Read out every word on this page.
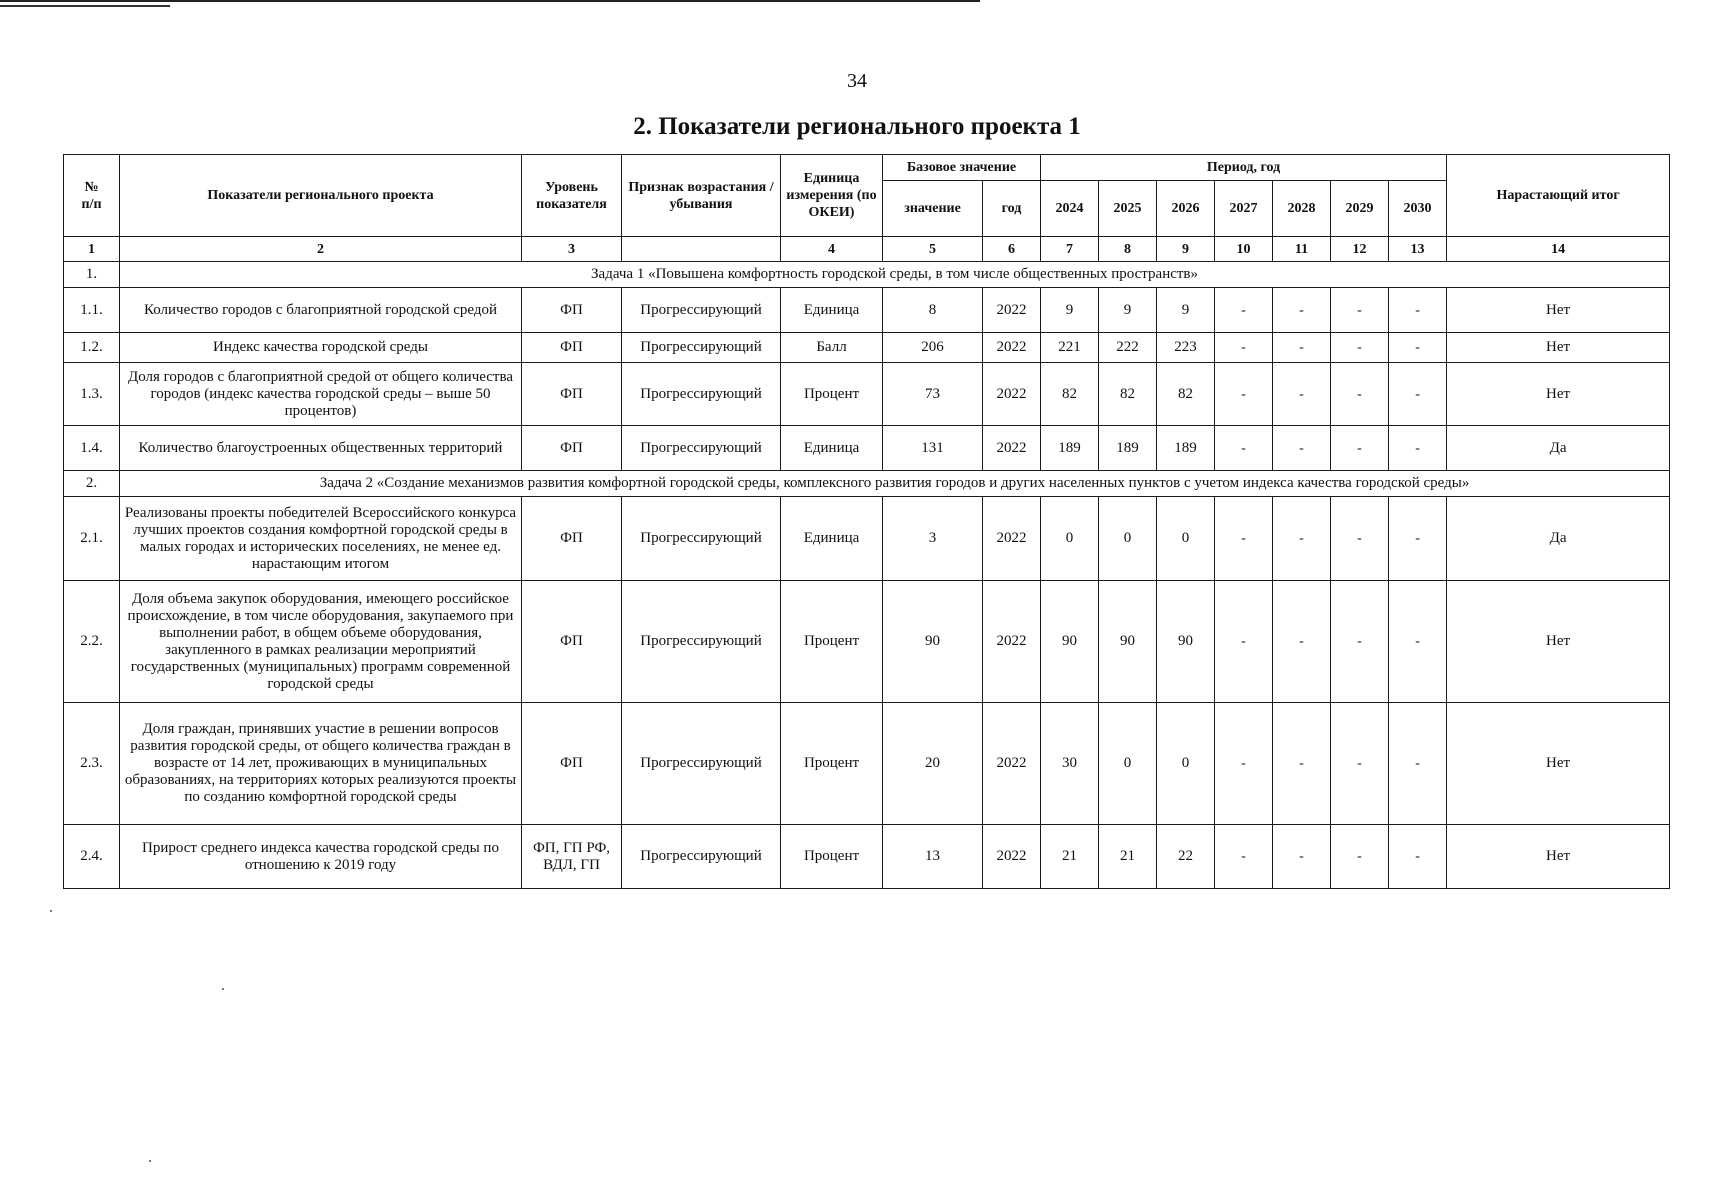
34
2. Показатели регионального проекта 1
№
п/п	Показатели регионального проекта	Уровень показателя	Признак возрастания / убывания	Единица измерения (по ОКЕИ)	Базовое значение		Период, год							Нарастающий итог
					значение	год	2024	2025	2026	2027	2028	2029	2030	
1	2	3		4	5	6	7	8	9	10	11	12	13	14
1.	Задача 1 «Повышена комфортность городской среды, в том числе общественных пространств»													
1.1.	Количество городов с благоприятной городской средой	ФП	Прогрессирующий	Единица	8	2022	9	9	9	-	-	-	-	Нет
1.2.	Индекс качества городской среды	ФП	Прогрессирующий	Балл	206	2022	221	222	223	-	-	-	-	Нет
1.3.	Доля городов с благоприятной средой от общего количества городов (индекс качества городской среды – выше 50 процентов)	ФП	Прогрессирующий	Процент	73	2022	82	82	82	-	-	-	-	Нет
1.4.	Количество благоустроенных общественных территорий	ФП	Прогрессирующий	Единица	131	2022	189	189	189	-	-	-	-	Да
2.	Задача 2 «Создание механизмов развития комфортной городской среды, комплексного развития городов и других населенных пунктов с учетом индекса качества городской среды»													
2.1.	Реализованы проекты победителей Всероссийского конкурса лучших проектов создания комфортной городской среды в малых городах и исторических поселениях, не менее ед. нарастающим итогом	ФП	Прогрессирующий	Единица	3	2022	0	0	0	-	-	-	-	Да
2.2.	Доля объема закупок оборудования, имеющего российское происхождение, в том числе оборудования, закупаемого при выполнении работ, в общем объеме оборудования, закупленного в рамках реализации мероприятий государственных (муниципальных) программ современной городской среды	ФП	Прогрессирующий	Процент	90	2022	90	90	90	-	-	-	-	Нет
2.3.	Доля граждан, принявших участие в решении вопросов развития городской среды, от общего количества граждан в возрасте от 14 лет, проживающих в муниципальных образованиях, на территориях которых реализуются проекты по созданию комфортной городской среды	ФП	Прогрессирующий	Процент	20	2022	30	0	0	-	-	-	-	Нет
2.4.	Прирост среднего индекса качества городской среды по отношению к 2019 году	ФП, ГП РФ, ВДЛ, ГП	Прогрессирующий	Процент	13	2022	21	21	22	-	-	-	-	Нет
